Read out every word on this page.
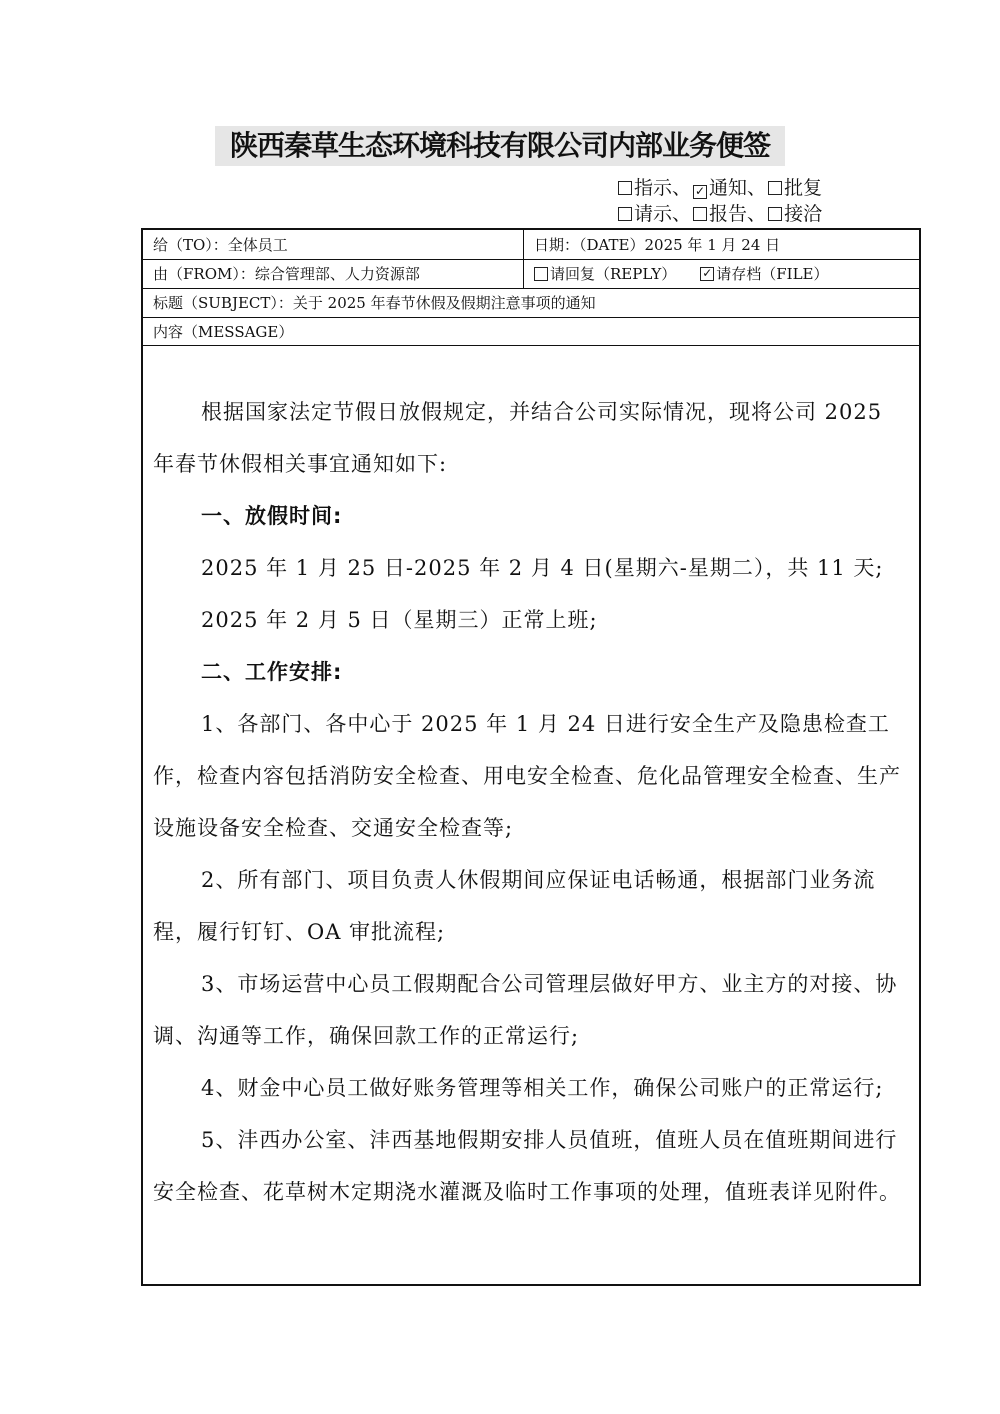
陕西秦草生态环境科技有限公司内部业务便签
指示、 ✓ 通知、 批复
请示、 报告、 接洽
给（TO）：全体员工	日期：（DATE）2025 年 1 月 24 日
由（FROM）：综合管理部、人力资源部	请回复（REPLY） ✓ 请存档（FILE）
标题（SUBJECT）：关于 2025 年春节休假及假期注意事项的通知
内容（MESSAGE）
根据国家法定节假日放假规定，并结合公司实际情况，现将公司 2025 年春节休假相关事宜通知如下:
一、放假时间:
2025 年 1 月 25 日-2025 年 2 月 4 日(星期六-星期二），共 11 天;
2025 年 2 月 5 日（星期三）正常上班;
二、工作安排:
1、各部门、各中心于 2025 年 1 月 24 日进行安全生产及隐患检查工作，检查内容包括消防安全检查、用电安全检查、危化品管理安全检查、生产设施设备安全检查、交通安全检查等;
2、所有部门、项目负责人休假期间应保证电话畅通，根据部门业务流程，履行钉钉、OA 审批流程;
3、市场运营中心员工假期配合公司管理层做好甲方、业主方的对接、协调、沟通等工作，确保回款工作的正常运行;
4、财金中心员工做好账务管理等相关工作，确保公司账户的正常运行;
5、沣西办公室、沣西基地假期安排人员值班，值班人员在值班期间进行安全检查、花草树木定期浇水灌溉及临时工作事项的处理，值班表详见附件。
